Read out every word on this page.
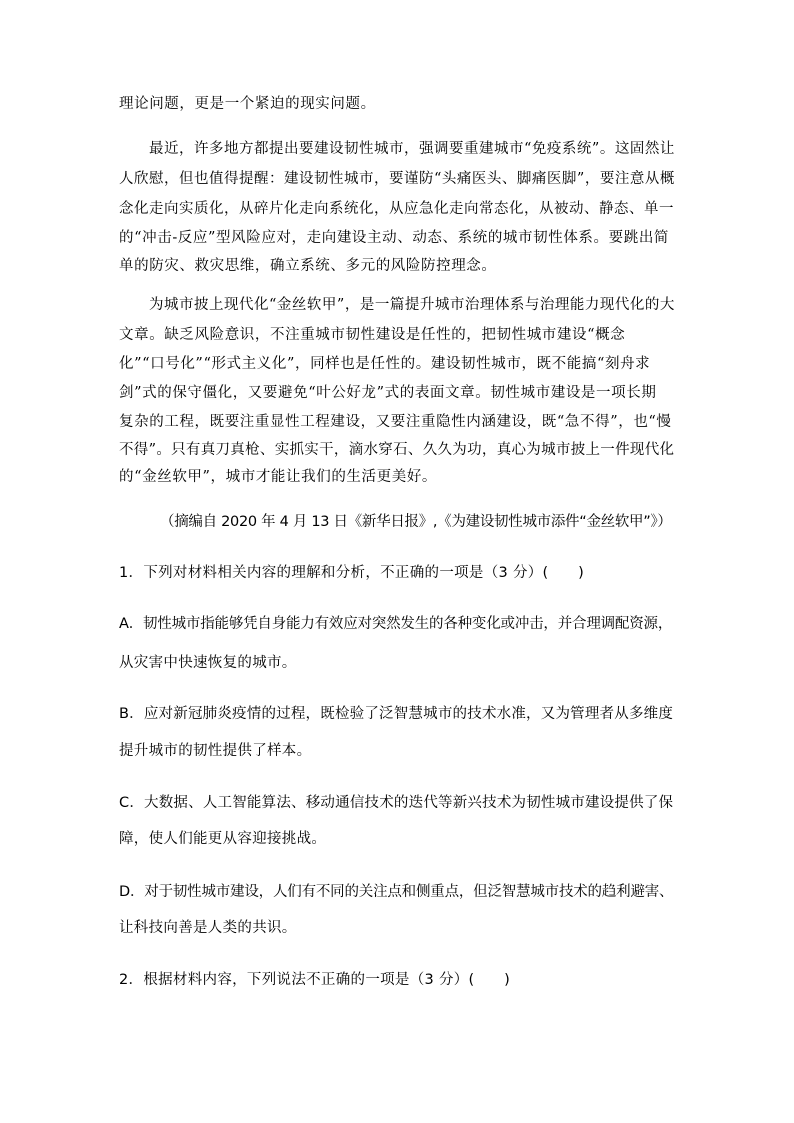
理论问题，更是一个紧迫的现实问题。
最近，许多地方都提出要建设韧性城市，强调要重建城市“免疫系统”。这固然让
人欣慰，但也值得提醒：建设韧性城市，要谨防“头痛医头、脚痛医脚”，要注意从概
念化走向实质化，从碎片化走向系统化，从应急化走向常态化，从被动、静态、单一
的“冲击-反应”型风险应对，走向建设主动、动态、系统的城市韧性体系。要跳出简
单的防灾、救灾思维，确立系统、多元的风险防控理念。
为城市披上现代化“金丝软甲”，是一篇提升城市治理体系与治理能力现代化的大
文章。缺乏风险意识，不注重城市韧性建设是任性的，把韧性城市建设“概念
化”“口号化”“形式主义化”，同样也是任性的。建设韧性城市，既不能搞“刻舟求
剑”式的保守僵化，又要避免“叶公好龙”式的表面文章。韧性城市建设是一项长期
复杂的工程，既要注重显性工程建设，又要注重隐性内涵建设，既“急不得”，也“慢
不得”。只有真刀真枪、实抓实干，滴水穿石、久久为功，真心为城市披上一件现代化
的“金丝软甲”，城市才能让我们的生活更美好。
（摘编自 2020 年 4 月 13 日《新华日报》,《为建设韧性城市添件“金丝软甲”》）
1．下列对材料相关内容的理解和分析，不正确的一项是（3 分）(　　)
A．韧性城市指能够凭自身能力有效应对突然发生的各种变化或冲击，并合理调配资源，
从灾害中快速恢复的城市。
B．应对新冠肺炎疫情的过程，既检验了泛智慧城市的技术水准，又为管理者从多维度
提升城市的韧性提供了样本。
C．大数据、人工智能算法、移动通信技术的迭代等新兴技术为韧性城市建设提供了保
障，使人们能更从容迎接挑战。
D．对于韧性城市建设，人们有不同的关注点和侧重点，但泛智慧城市技术的趋利避害、
让科技向善是人类的共识。
2．根据材料内容，下列说法不正确的一项是（3 分）(　　)
